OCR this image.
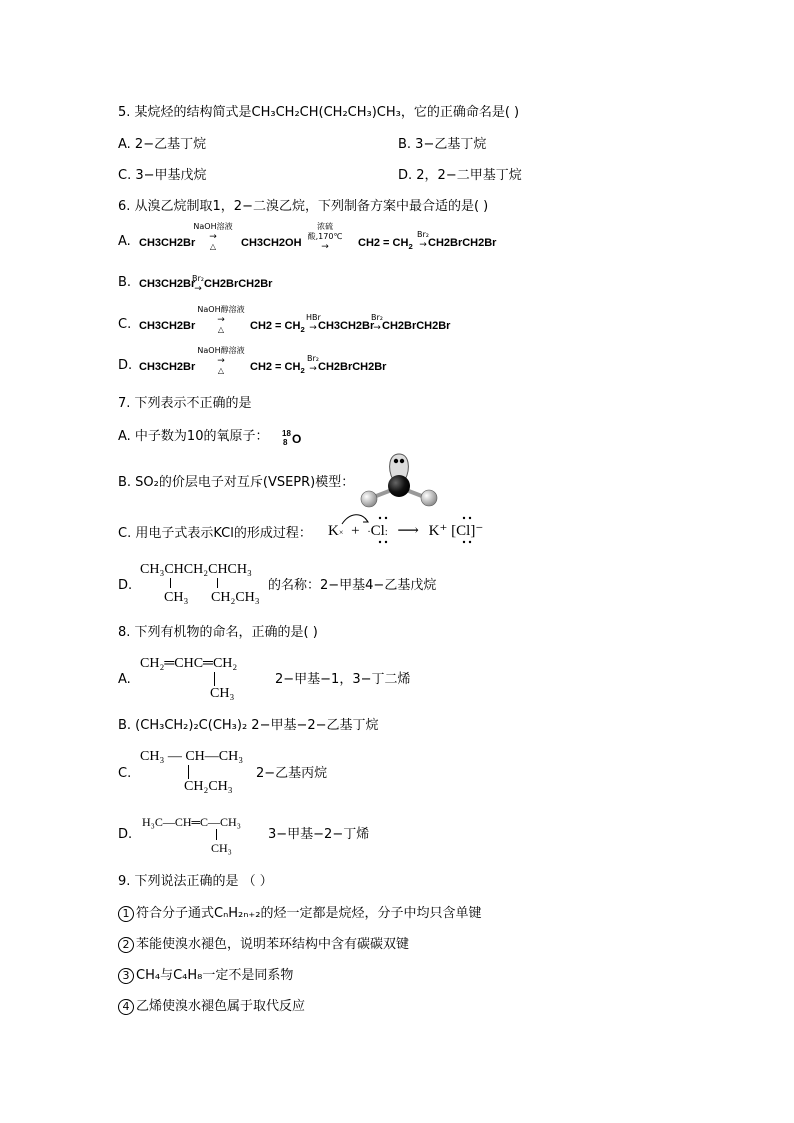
5. 某烷烃的结构简式是CH₃CH₂CH(CH₂CH₃)CH₃，它的正确命名是( )
A. 2−乙基丁烷	B. 3−乙基丁烷
C. 3−甲基戊烷	D. 2，2−二甲基丁烷
6. 从溴乙烷制取1，2−二溴乙烷，下列制备方案中最合适的是( )
A. CH3CH2Br
NaOH溶液
→
△	CH3CH2OH
浓硫酸,170℃
→	$CH2 = CH_2$
Br₂
→ CH2BrCH2Br
B. CH3CH2Br
Br₂
→ CH2BrCH2Br
C. CH3CH2Br
NaOH醇溶液
→
△	$CH2 = CH_2$
HBr
→ CH3CH2Br
Br₂
→ CH2BrCH2Br
D. CH3CH2Br
NaOH醇溶液
→
△	$CH2 = CH_2$
Br₂
→ CH2BrCH2Br
7. 下列表示不正确的是
A. 中子数为10的氧原子： 18
8 O
B. SO₂的价层电子对互斥(VSEPR)模型：
C. 用电子式表示KCl的形成过程： K× + ·Cl: ⟶ K⁺ [Cl]⁻
D.
CH₃CHCH₂CHCH₃
CH₃ CH₂CH₃
的名称：2−甲基4−乙基戊烷
8. 下列有机物的命名，正确的是( )
A.
CH₂═CHC═CH₂
CH₃
2−甲基−1，3−丁二烯
B. (CH₃CH₂)₂C(CH₃)₂ 2−甲基−2−乙基丁烷
C.
CH₃ — CH—CH₃
CH₂CH₃
2−乙基丙烷
D.
H₃C—CH═C—CH₃
CH₃
3−甲基−2−丁烯
9. 下列说法正确的是 （ ）
1 符合分子通式CₙH₂ₙ₊₂的烃一定都是烷烃，分子中均只含单键
2 苯能使溴水褪色，说明苯环结构中含有碳碳双键
3 CH₄与C₄H₈一定不是同系物
4 乙烯使溴水褪色属于取代反应
